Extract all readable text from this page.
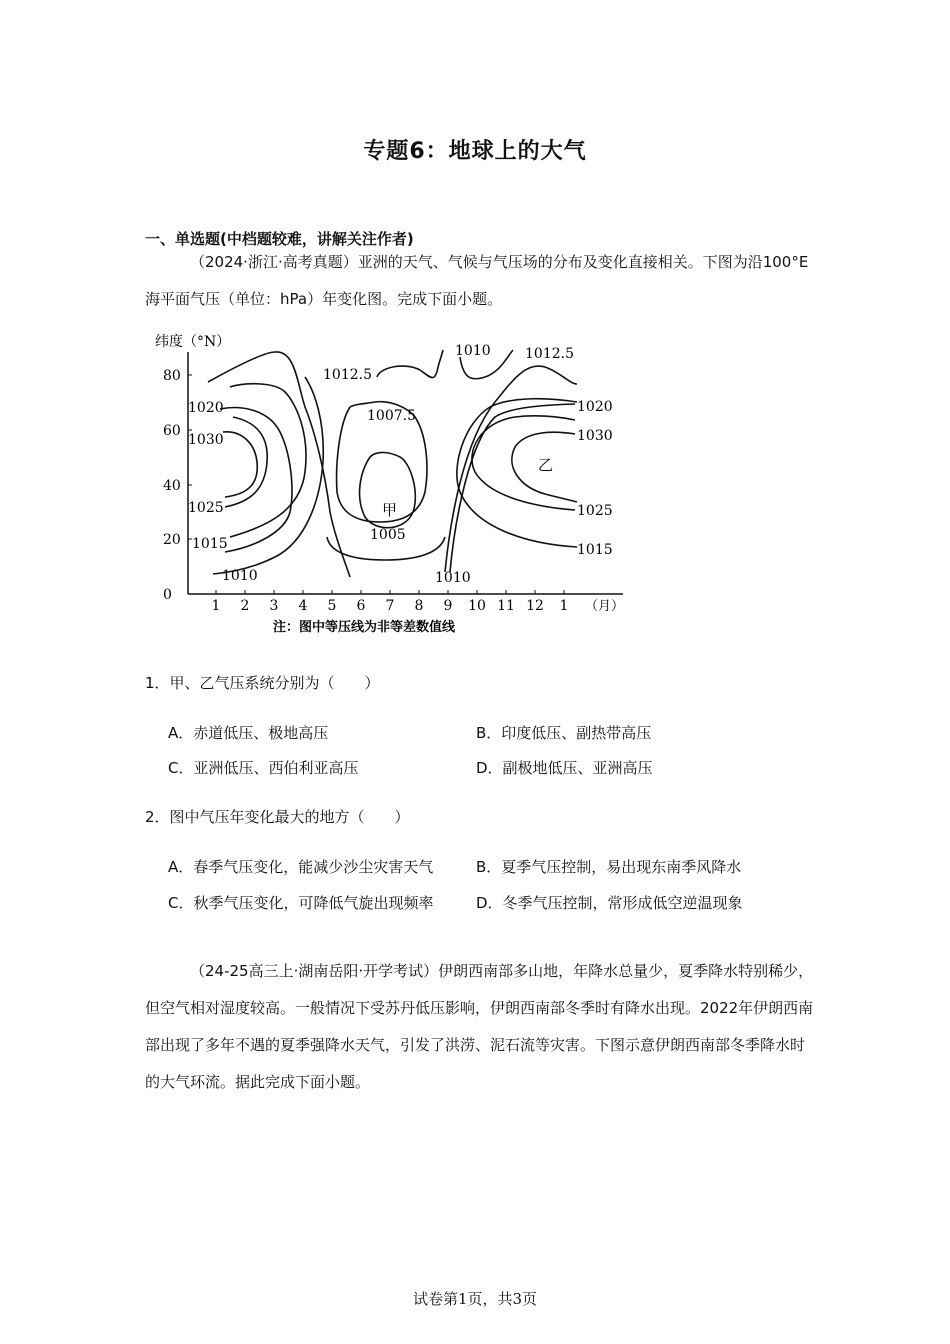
专题6：地球上的大气
一、单选题(中档题较难，讲解关注作者)

（2024·浙江·高考真题）亚洲的天气、气候与气压场的分布及变化直接相关。下图为沿100°E海平面气压（单位：hPa）年变化图。完成下面小题。

纬度（°N）
80
60
40
20
0
1 2 3 4 5 6 7 8 9 10 11 12 1 （月）
1012.5
1010 1012.5
1020
1030
1025
1015
1010
1007.5
1005
1020
1030
1025
1015
1010
甲
乙
注：图中等压线为非等差数值线
1．甲、乙气压系统分别为（　　）
A．赤道低压、极地高压	B．印度低压、副热带高压
C．亚洲低压、西伯利亚高压	D．副极地低压、亚洲高压
2．图中气压年变化最大的地方（　　）
A．春季气压变化，能减少沙尘灾害天气	B．夏季气压控制，易出现东南季风降水
C．秋季气压变化，可降低气旋出现频率	D．冬季气压控制，常形成低空逆温现象

（24-25高三上·湖南岳阳·开学考试）伊朗西南部多山地，年降水总量少，夏季降水特别稀少，但空气相对湿度较高。一般情况下受苏丹低压影响，伊朗西南部冬季时有降水出现。2022年伊朗西南部出现了多年不遇的夏季强降水天气，引发了洪涝、泥石流等灾害。下图示意伊朗西南部冬季降水时的大气环流。据此完成下面小题。

试卷第1页，共3页
